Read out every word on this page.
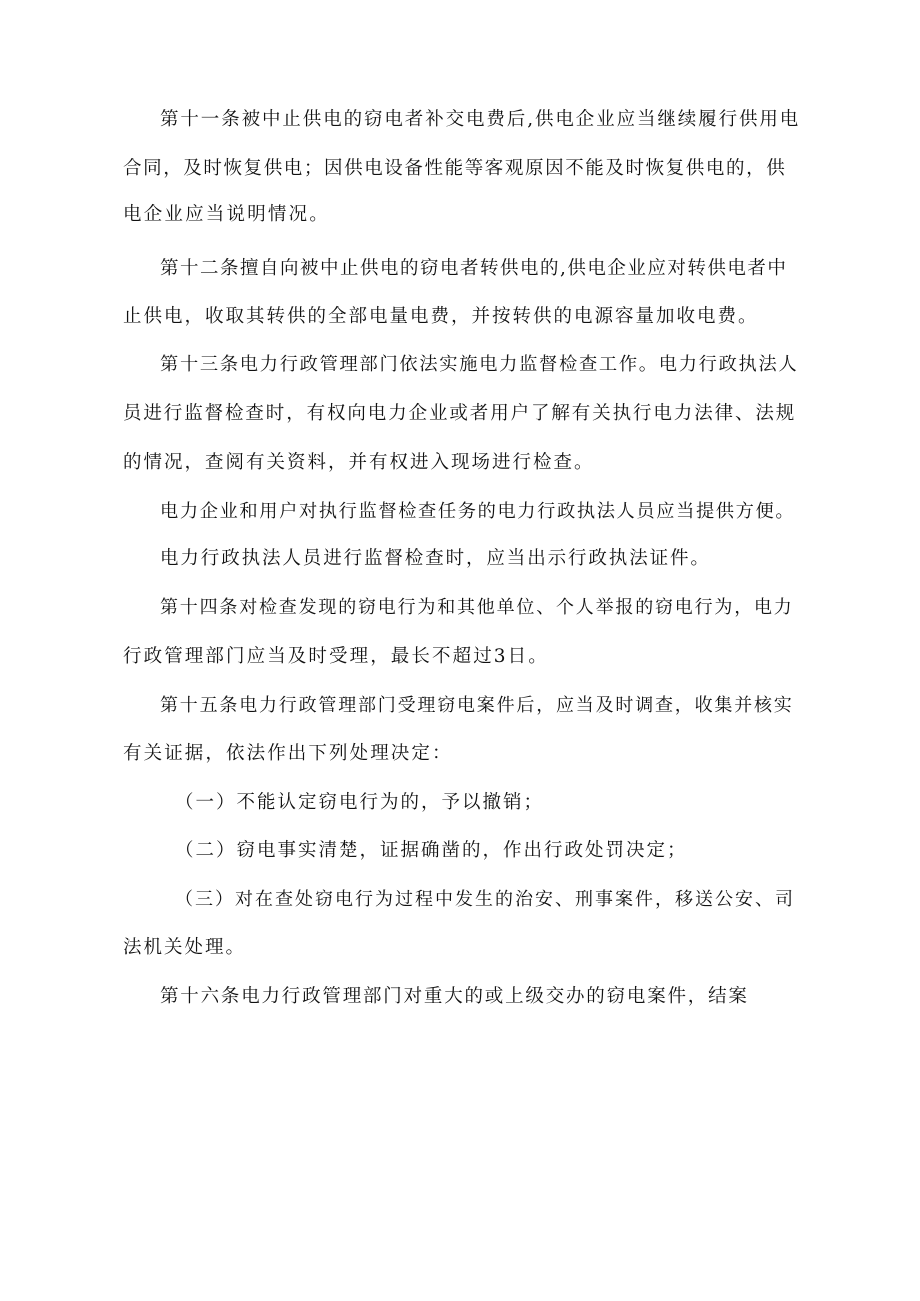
第十一条被中止供电的窃电者补交电费后,供电企业应当继续履行供用电
合同，及时恢复供电；因供电设备性能等客观原因不能及时恢复供电的，供
电企业应当说明情况。
第十二条擅自向被中止供电的窃电者转供电的,供电企业应对转供电者中
止供电，收取其转供的全部电量电费，并按转供的电源容量加收电费。
第十三条电力行政管理部门依法实施电力监督检查工作。电力行政执法人
员进行监督检查时，有权向电力企业或者用户了解有关执行电力法律、法规
的情况，查阅有关资料，并有权进入现场进行检查。
电力企业和用户对执行监督检查任务的电力行政执法人员应当提供方便。
电力行政执法人员进行监督检查时，应当出示行政执法证件。
第十四条对检查发现的窃电行为和其他单位、个人举报的窃电行为，电力
行政管理部门应当及时受理，最长不超过3日。
第十五条电力行政管理部门受理窃电案件后，应当及时调查，收集并核实
有关证据，依法作出下列处理决定：
（一）不能认定窃电行为的，予以撤销；
（二）窃电事实清楚，证据确凿的，作出行政处罚决定；
（三）对在查处窃电行为过程中发生的治安、刑事案件，移送公安、司
法机关处理。
第十六条电力行政管理部门对重大的或上级交办的窃电案件，结案
